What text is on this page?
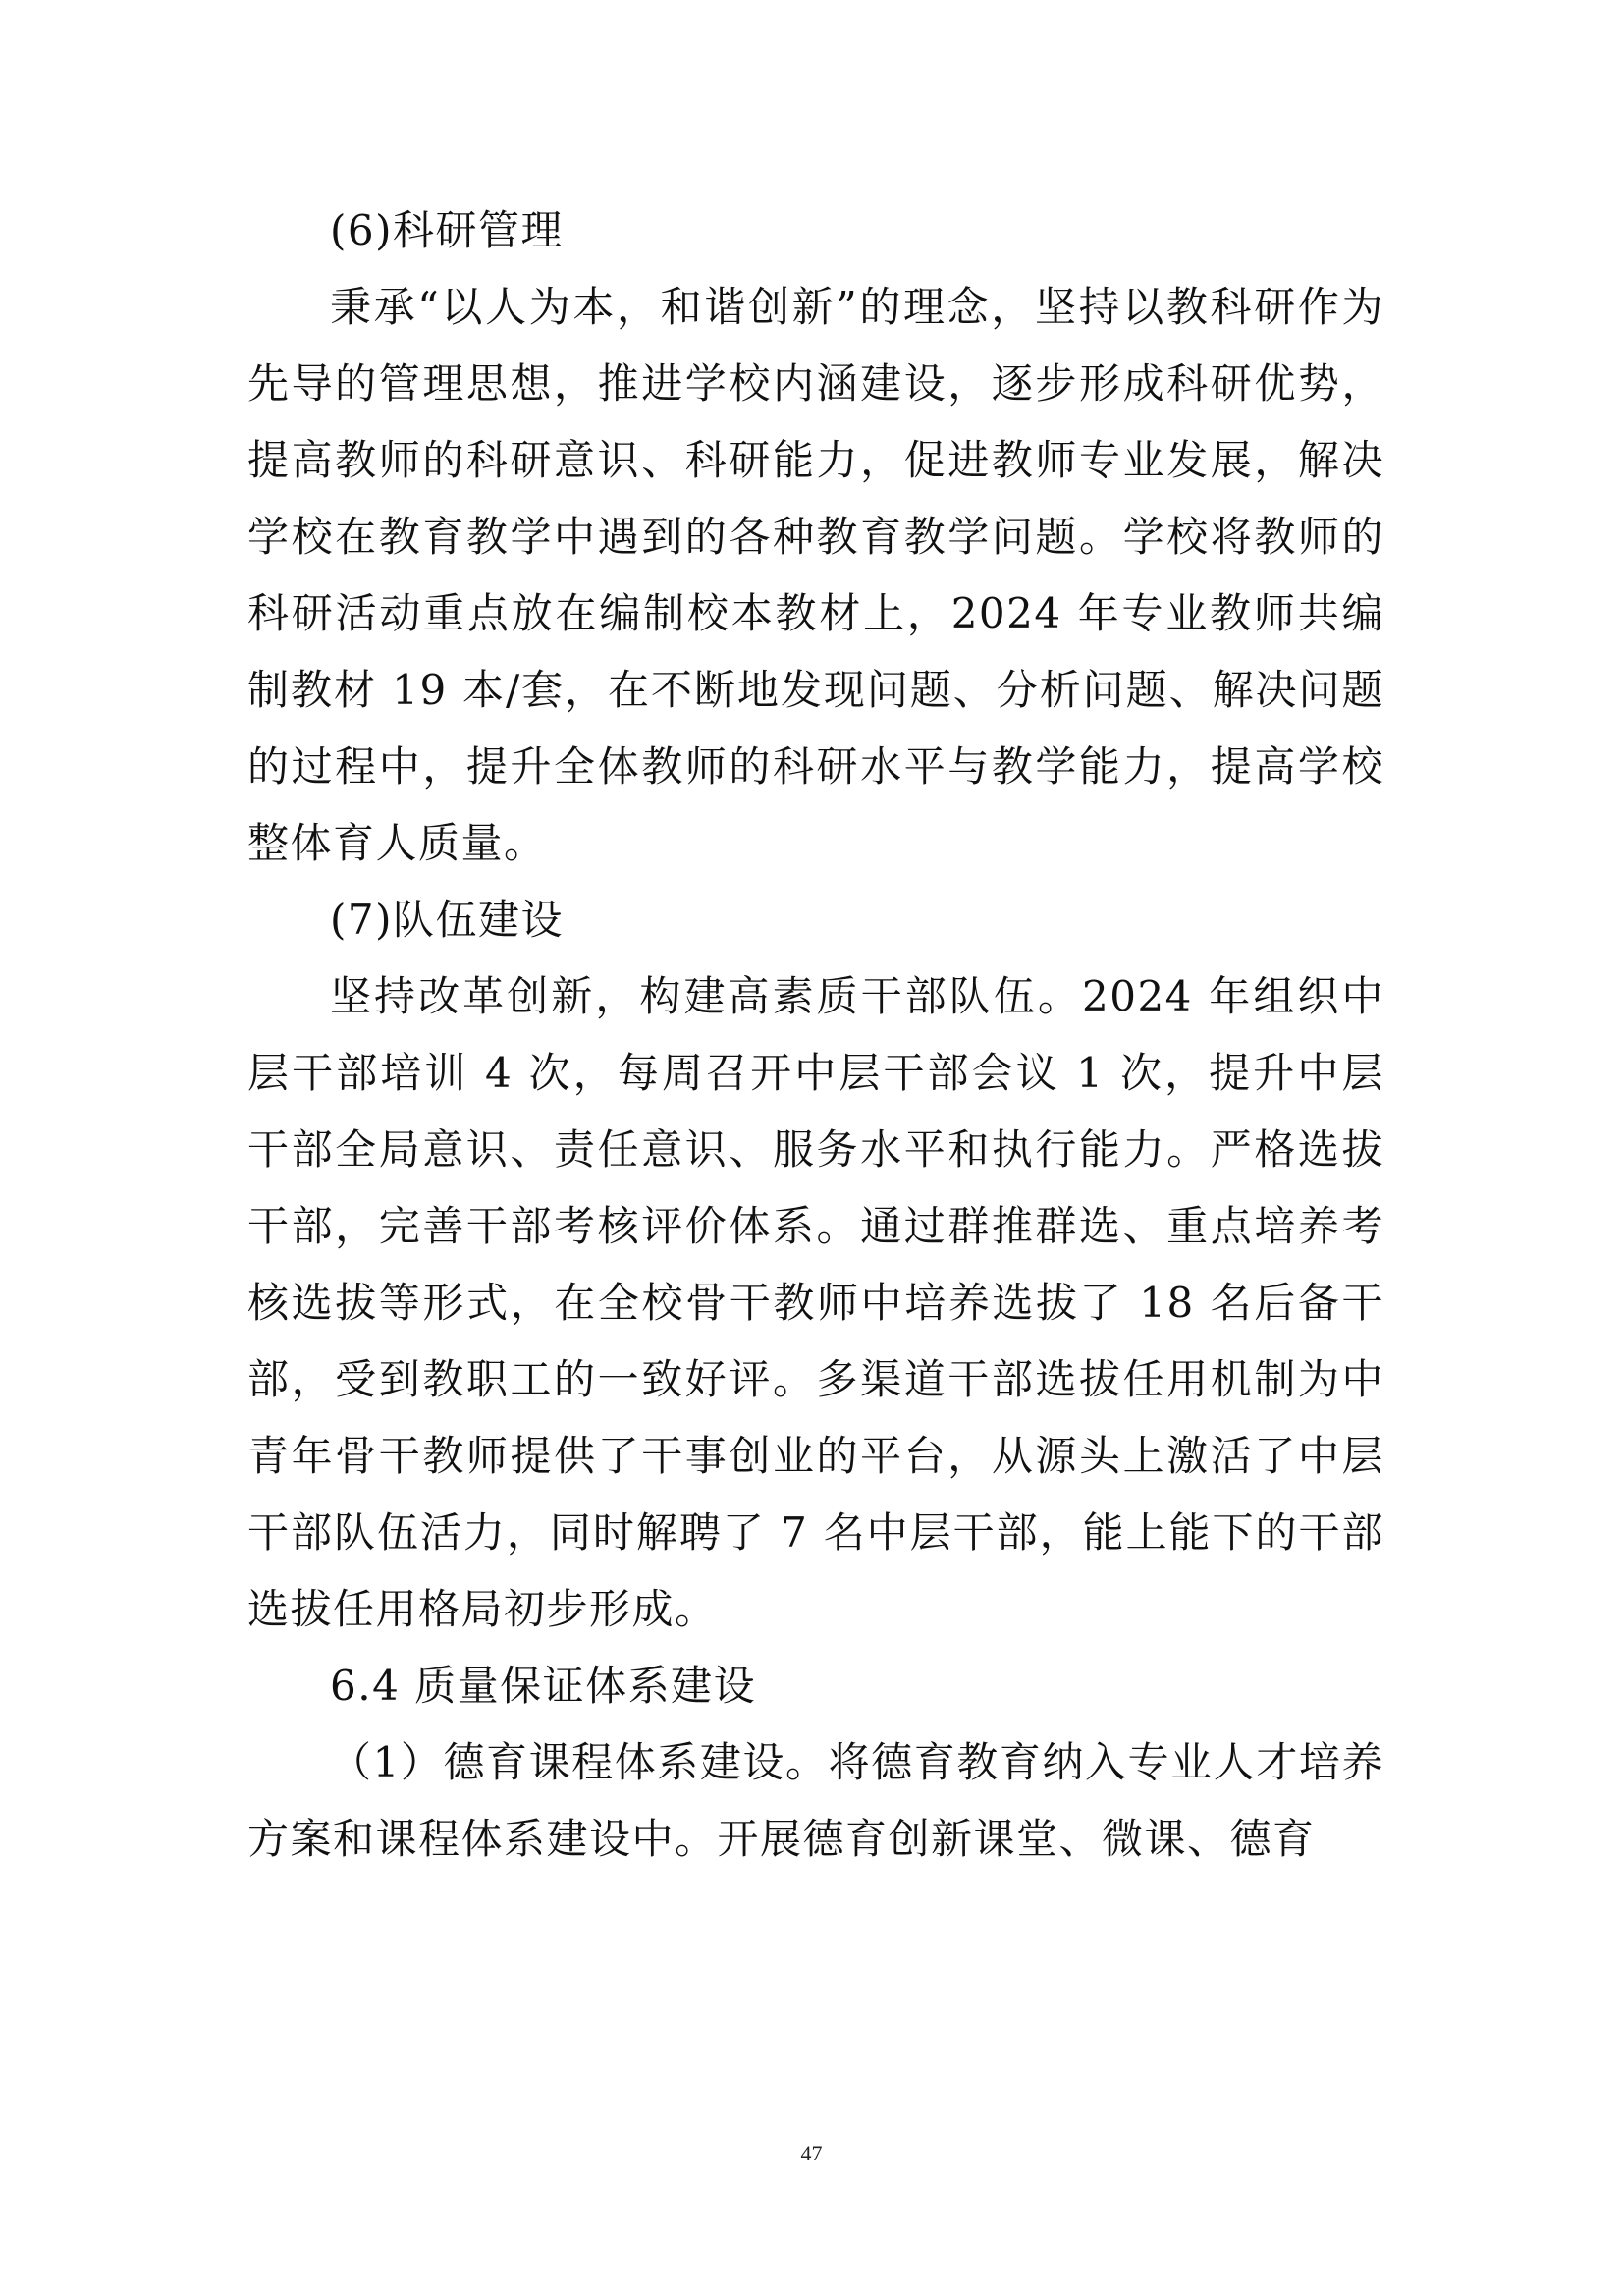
(6)科研管理

秉承“以人为本，和谐创新”的理念，坚持以教科研作为先导的管理思想，推进学校内涵建设，逐步形成科研优势，提高教师的科研意识、科研能力，促进教师专业发展，解决学校在教育教学中遇到的各种教育教学问题。学校将教师的科研活动重点放在编制校本教材上，2024 年专业教师共编制教材 19 本/套，在不断地发现问题、分析问题、解决问题的过程中，提升全体教师的科研水平与教学能力，提高学校整体育人质量。

(7)队伍建设

坚持改革创新，构建高素质干部队伍。2024 年组织中层干部培训 4 次，每周召开中层干部会议 1 次，提升中层干部全局意识、责任意识、服务水平和执行能力。严格选拔干部，完善干部考核评价体系。通过群推群选、重点培养考核选拔等形式，在全校骨干教师中培养选拔了 18 名后备干部，受到教职工的一致好评。多渠道干部选拔任用机制为中青年骨干教师提供了干事创业的平台，从源头上激活了中层干部队伍活力，同时解聘了 7 名中层干部，能上能下的干部选拔任用格局初步形成。

6.4 质量保证体系建设

（1）德育课程体系建设。将德育教育纳入专业人才培养方案和课程体系建设中。开展德育创新课堂、微课、德育

47
